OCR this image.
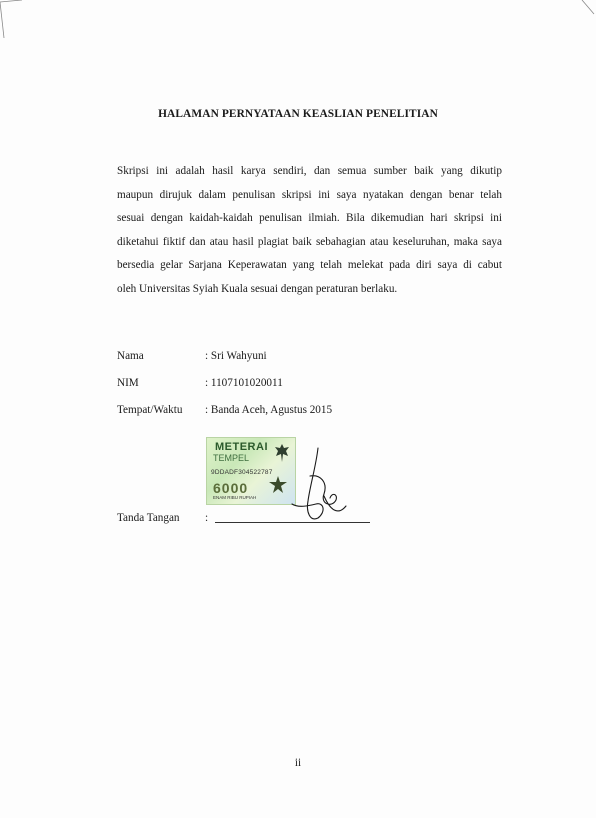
HALAMAN PERNYATAAN KEASLIAN PENELITIAN

Skripsi ini adalah hasil karya sendiri, dan semua sumber baik yang dikutip
maupun dirujuk dalam penulisan skripsi ini saya nyatakan dengan benar telah
sesuai dengan kaidah-kaidah penulisan ilmiah. Bila dikemudian hari skripsi ini
diketahui fiktif dan atau hasil plagiat baik sebahagian atau keseluruhan, maka saya
bersedia gelar Sarjana Keperawatan yang telah melekat pada diri saya di cabut
oleh Universitas Syiah Kuala sesuai dengan peraturan berlaku.

Nama	: Sri Wahyuni
NIM	: 1107101020011
Tempat/Waktu : Banda Aceh, Agustus 2015
METERAI
TEMPEL
9DDADF304522787
6000
ENAM RIBU RUPIAH
Tanda Tangan :
ii
